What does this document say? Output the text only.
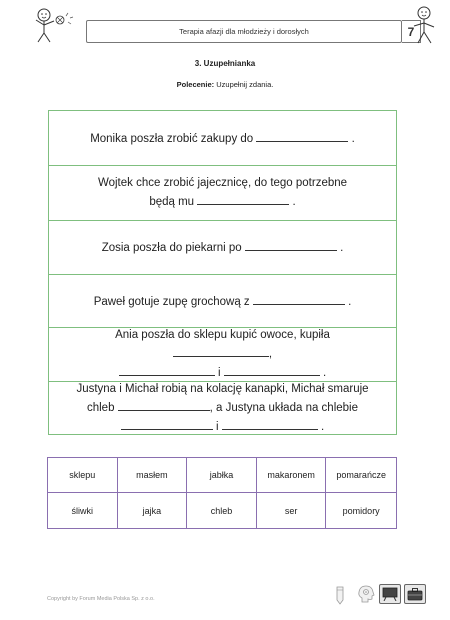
Terapia afazji dla młodzieży i dorosłych	7
3. Uzupełnianka
Polecenie: Uzupełnij zdania.
Monika poszła zrobić zakupy do	.
Wojtek chce zrobić jajecznicę, do tego potrzebne
będą mu	.
Zosia poszła do piekarni po	.
Paweł gotuje zupę grochową z	.
Ania poszła do sklepu kupić owoce, kupiła ,
i	.
Justyna i Michał robią na kolację kanapki, Michał smaruje
chleb	, a Justyna układa na chlebie
i	.
sklepu	masłem	jabłka	makaronem	pomarańcze
śliwki	jajka	chleb	ser	pomidory
Copyright by Forum Media Polska Sp. z o.o.
